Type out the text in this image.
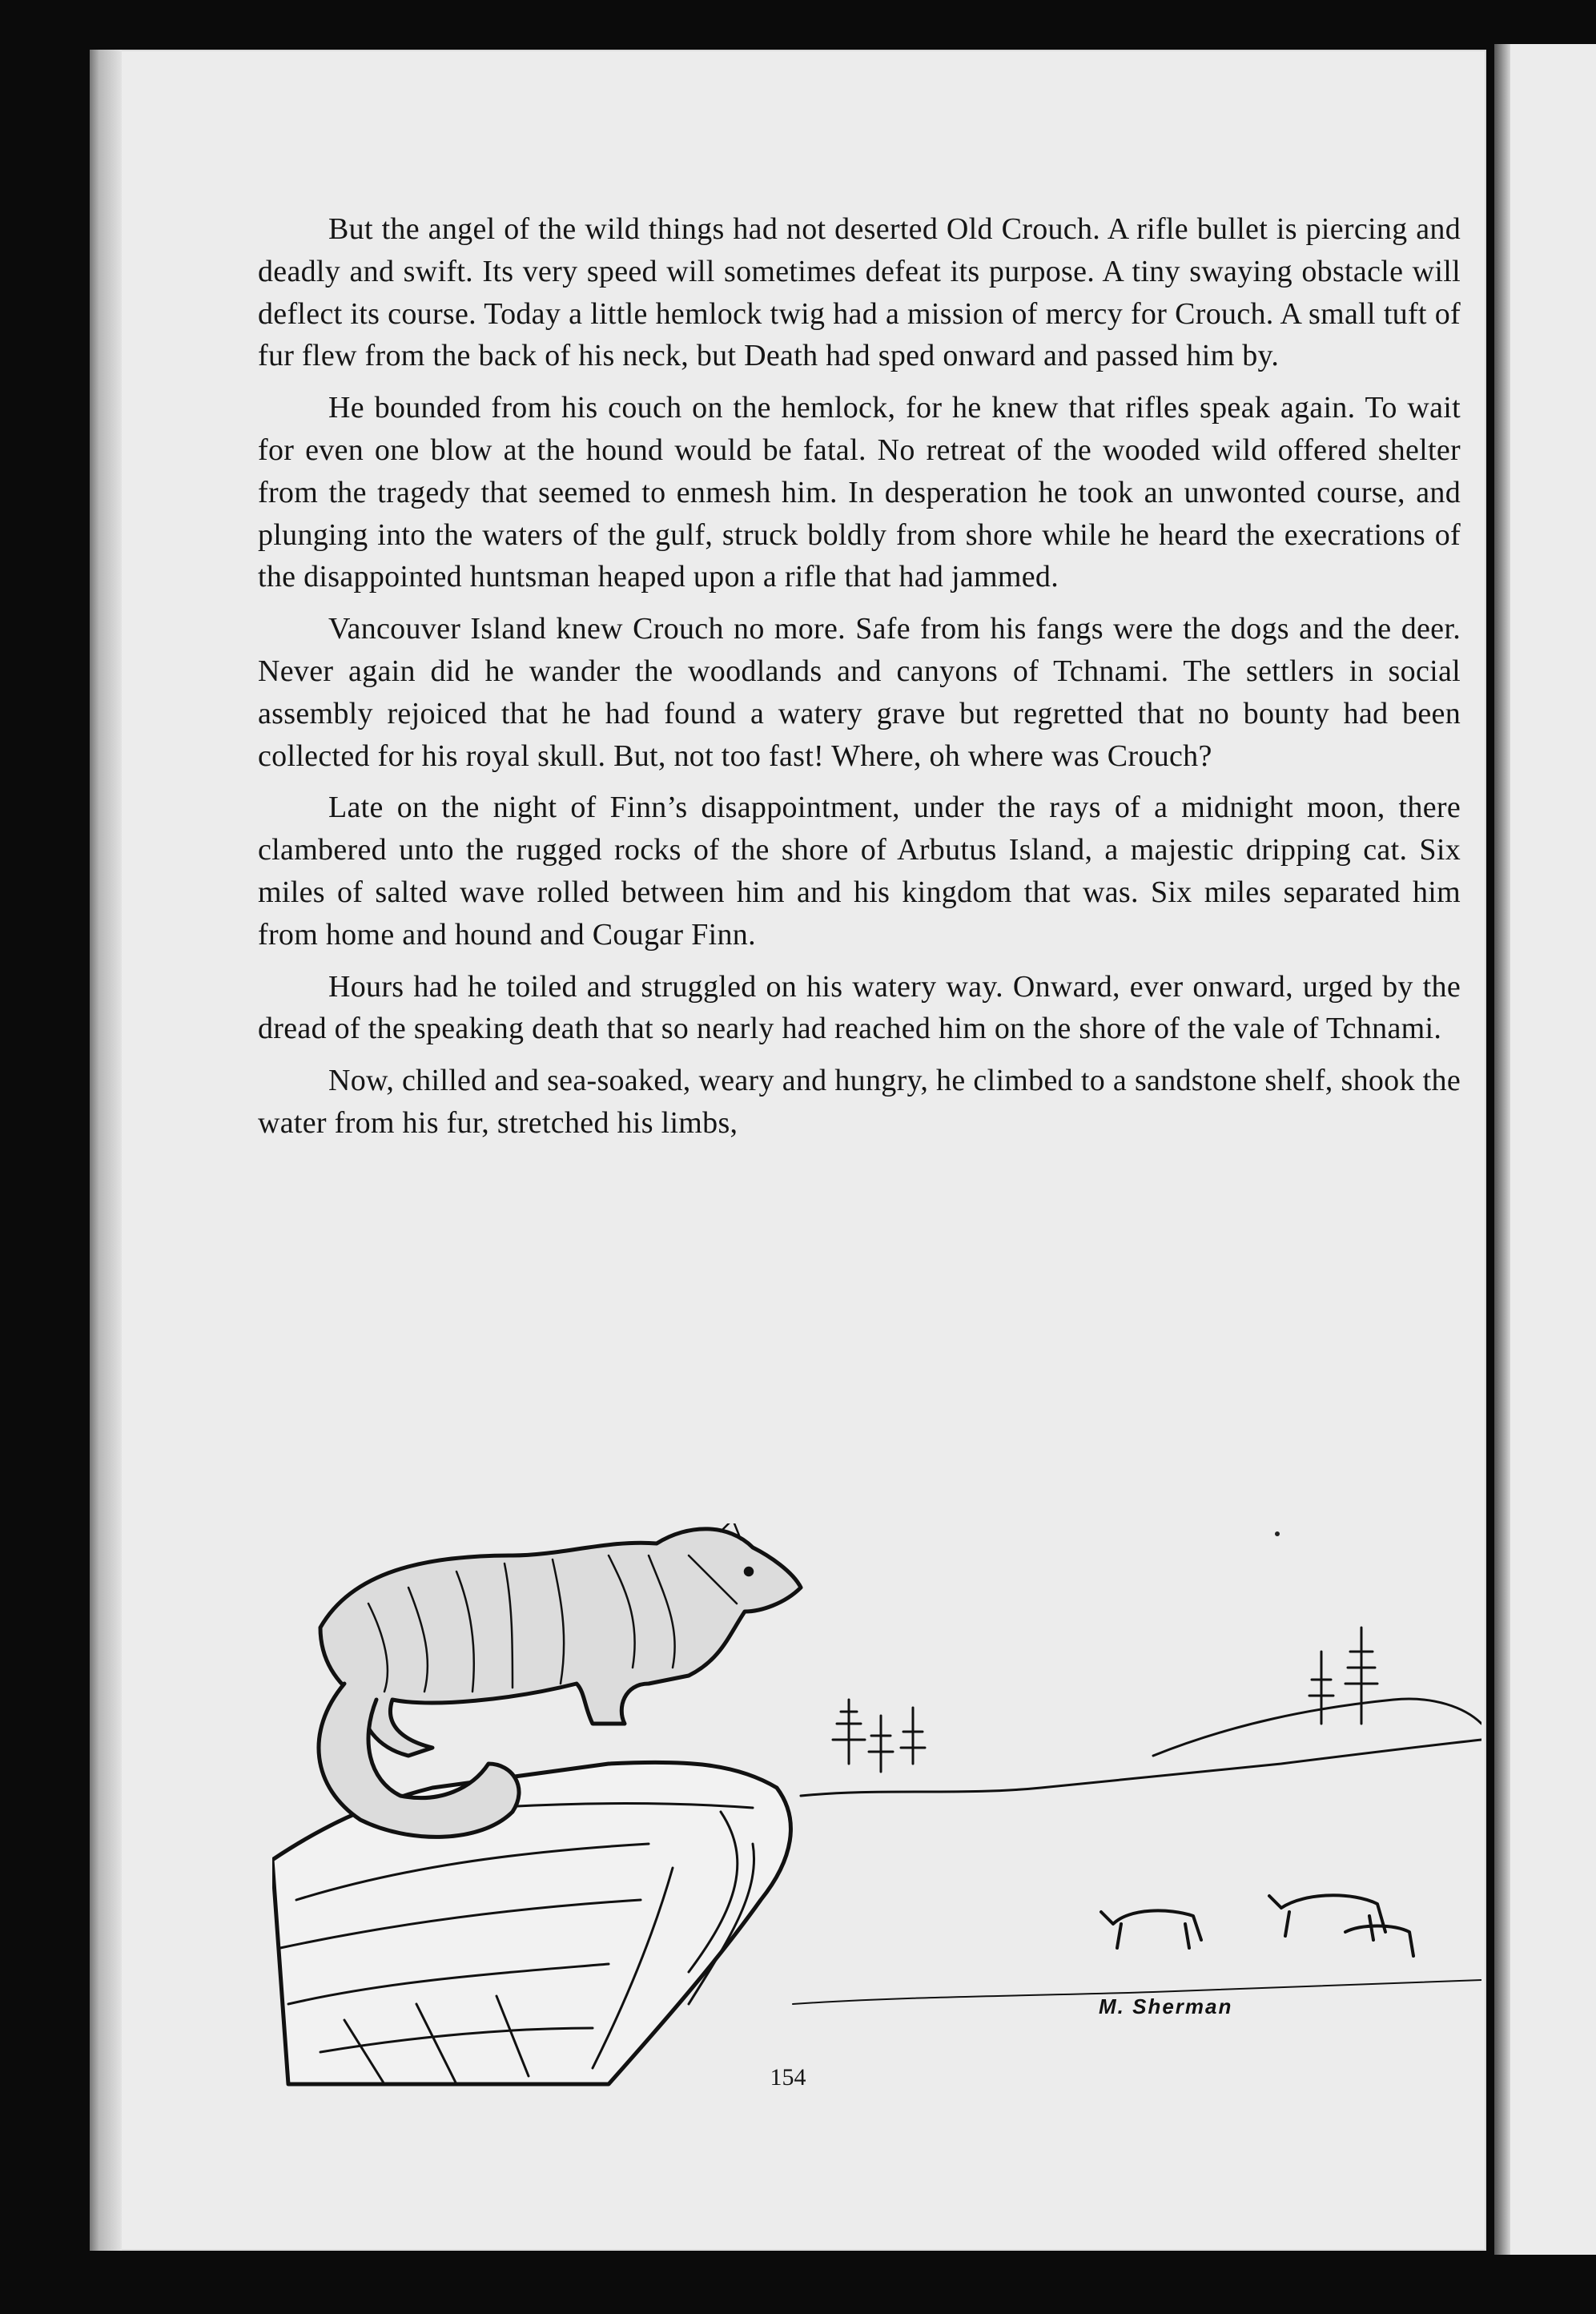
But the angel of the wild things had not deserted Old Crouch. A rifle bullet is piercing and deadly and swift. Its very speed will sometimes defeat its purpose. A tiny swaying obstacle will deflect its course. Today a little hemlock twig had a mission of mercy for Crouch. A small tuft of fur flew from the back of his neck, but Death had sped onward and passed him by.

He bounded from his couch on the hemlock, for he knew that rifles speak again. To wait for even one blow at the hound would be fatal. No retreat of the wooded wild offered shelter from the tragedy that seemed to enmesh him. In desperation he took an unwonted course, and plunging into the waters of the gulf, struck boldly from shore while he heard the execrations of the disappointed huntsman heaped upon a rifle that had jammed.

Vancouver Island knew Crouch no more. Safe from his fangs were the dogs and the deer. Never again did he wander the woodlands and canyons of Tchnami. The settlers in social assembly rejoiced that he had found a watery grave but regretted that no bounty had been collected for his royal skull. But, not too fast! Where, oh where was Crouch?

Late on the night of Finn’s disappointment, under the rays of a midnight moon, there clambered unto the rugged rocks of the shore of Arbutus Island, a majestic dripping cat. Six miles of salted wave rolled between him and his kingdom that was. Six miles separated him from home and hound and Cougar Finn.

Hours had he toiled and struggled on his watery way. Onward, ever onward, urged by the dread of the speaking death that so nearly had reached him on the shore of the vale of Tchnami.

Now, chilled and sea-soaked, weary and hungry, he climbed to a sandstone shelf, shook the water from his fur, stretched his limbs,

M. Sherman
154
